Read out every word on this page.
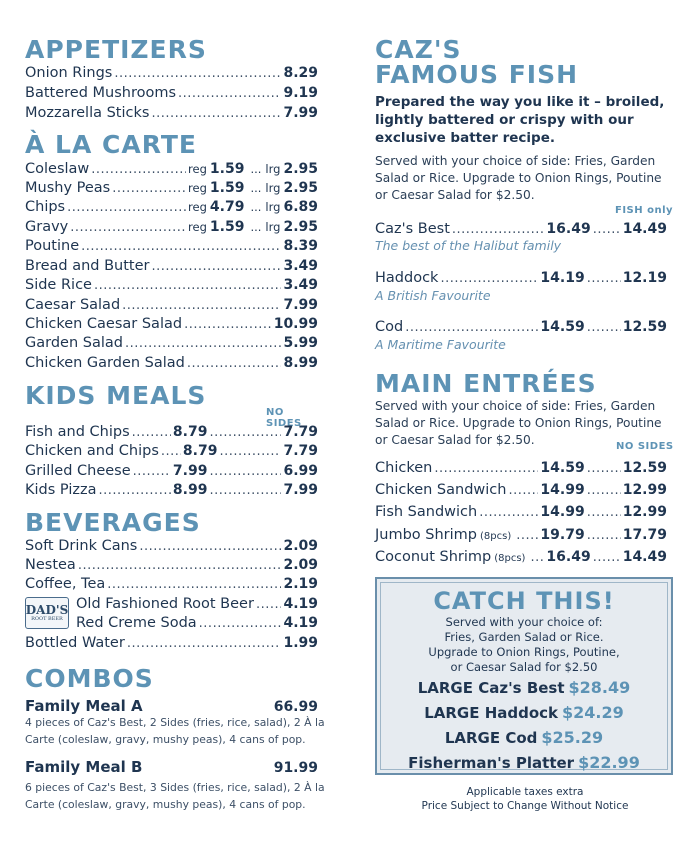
APPETIZERS
Onion Rings .....	8.29
Battered Mushrooms .....	9.19
Mozzarella Sticks .....	7.99
À LA CARTE
Coleslaw .....	reg 1.59 ... lrg 2.95
Mushy Peas .....	reg 1.59 ... lrg 2.95
Chips .....	reg 4.79 ... lrg 6.89
Gravy .....	reg 1.59 ... lrg 2.95
Poutine .....	8.39
Bread and Butter .....	3.49
Side Rice .....	3.49
Caesar Salad .....	7.99
Chicken Caesar Salad .....	10.99
Garden Salad .....	5.99
Chicken Garden Salad .....	8.99
KIDS MEALS
NO SIDES
Fish and Chips .....	8.79 .....	7.79
Chicken and Chips ..... 8.79 .....	7.79
Grilled Cheese .....	7.99 .....	6.99
Kids Pizza .....	8.99 .....	7.99
BEVERAGES
Soft Drink Cans .....	2.09
Nestea .....	2.09
Coffee, Tea .....	2.19
DAD'S
ROOT BEER
Old Fashioned Root Beer ..... 4.19
Red Creme Soda .....	4.19
Bottled Water .....	1.99
COMBOS
Family Meal A	66.99
4 pieces of Caz's Best, 2 Sides (fries, rice, salad), 2 À la Carte (coleslaw, gravy, mushy peas), 4 cans of pop.
Family Meal B	91.99
6 pieces of Caz's Best, 3 Sides (fries, rice, salad), 2 À la Carte (coleslaw, gravy, mushy peas), 4 cans of pop.
CAZ'S
FAMOUS FISH
Prepared the way you like it – broiled, lightly battered or crispy with our exclusive batter recipe.
Served with your choice of side: Fries, Garden Salad or Rice. Upgrade to Onion Rings, Poutine or Caesar Salad for $2.50.
FISH only
Caz's Best .....	16.49 ..... 14.49
The best of the Halibut family
Haddock .....	14.19 .....	12.19
A British Favourite
Cod .....	14.59 .....	12.59
A Maritime Favourite
MAIN ENTRÉES
Served with your choice of side: Fries, Garden Salad or Rice. Upgrade to Onion Rings, Poutine or Caesar Salad for $2.50.	NO SIDES
Chicken .....	14.59 .....	12.59
Chicken Sandwich ..... 14.99 .....	12.99
Fish Sandwich .....	14.99 .....	12.99
Jumbo Shrimp (8pcs) ..... 19.79 .....	17.79
Coconut Shrimp (8pcs) ..... 16.49 ..... 14.49
CATCH THIS!
Served with your choice of:
Fries, Garden Salad or Rice.
Upgrade to Onion Rings, Poutine,
or Caesar Salad for $2.50
LARGE Caz's Best $28.49
LARGE Haddock $24.29
LARGE Cod $25.29
Fisherman's Platter $22.99
Applicable taxes extra
Price Subject to Change Without Notice
